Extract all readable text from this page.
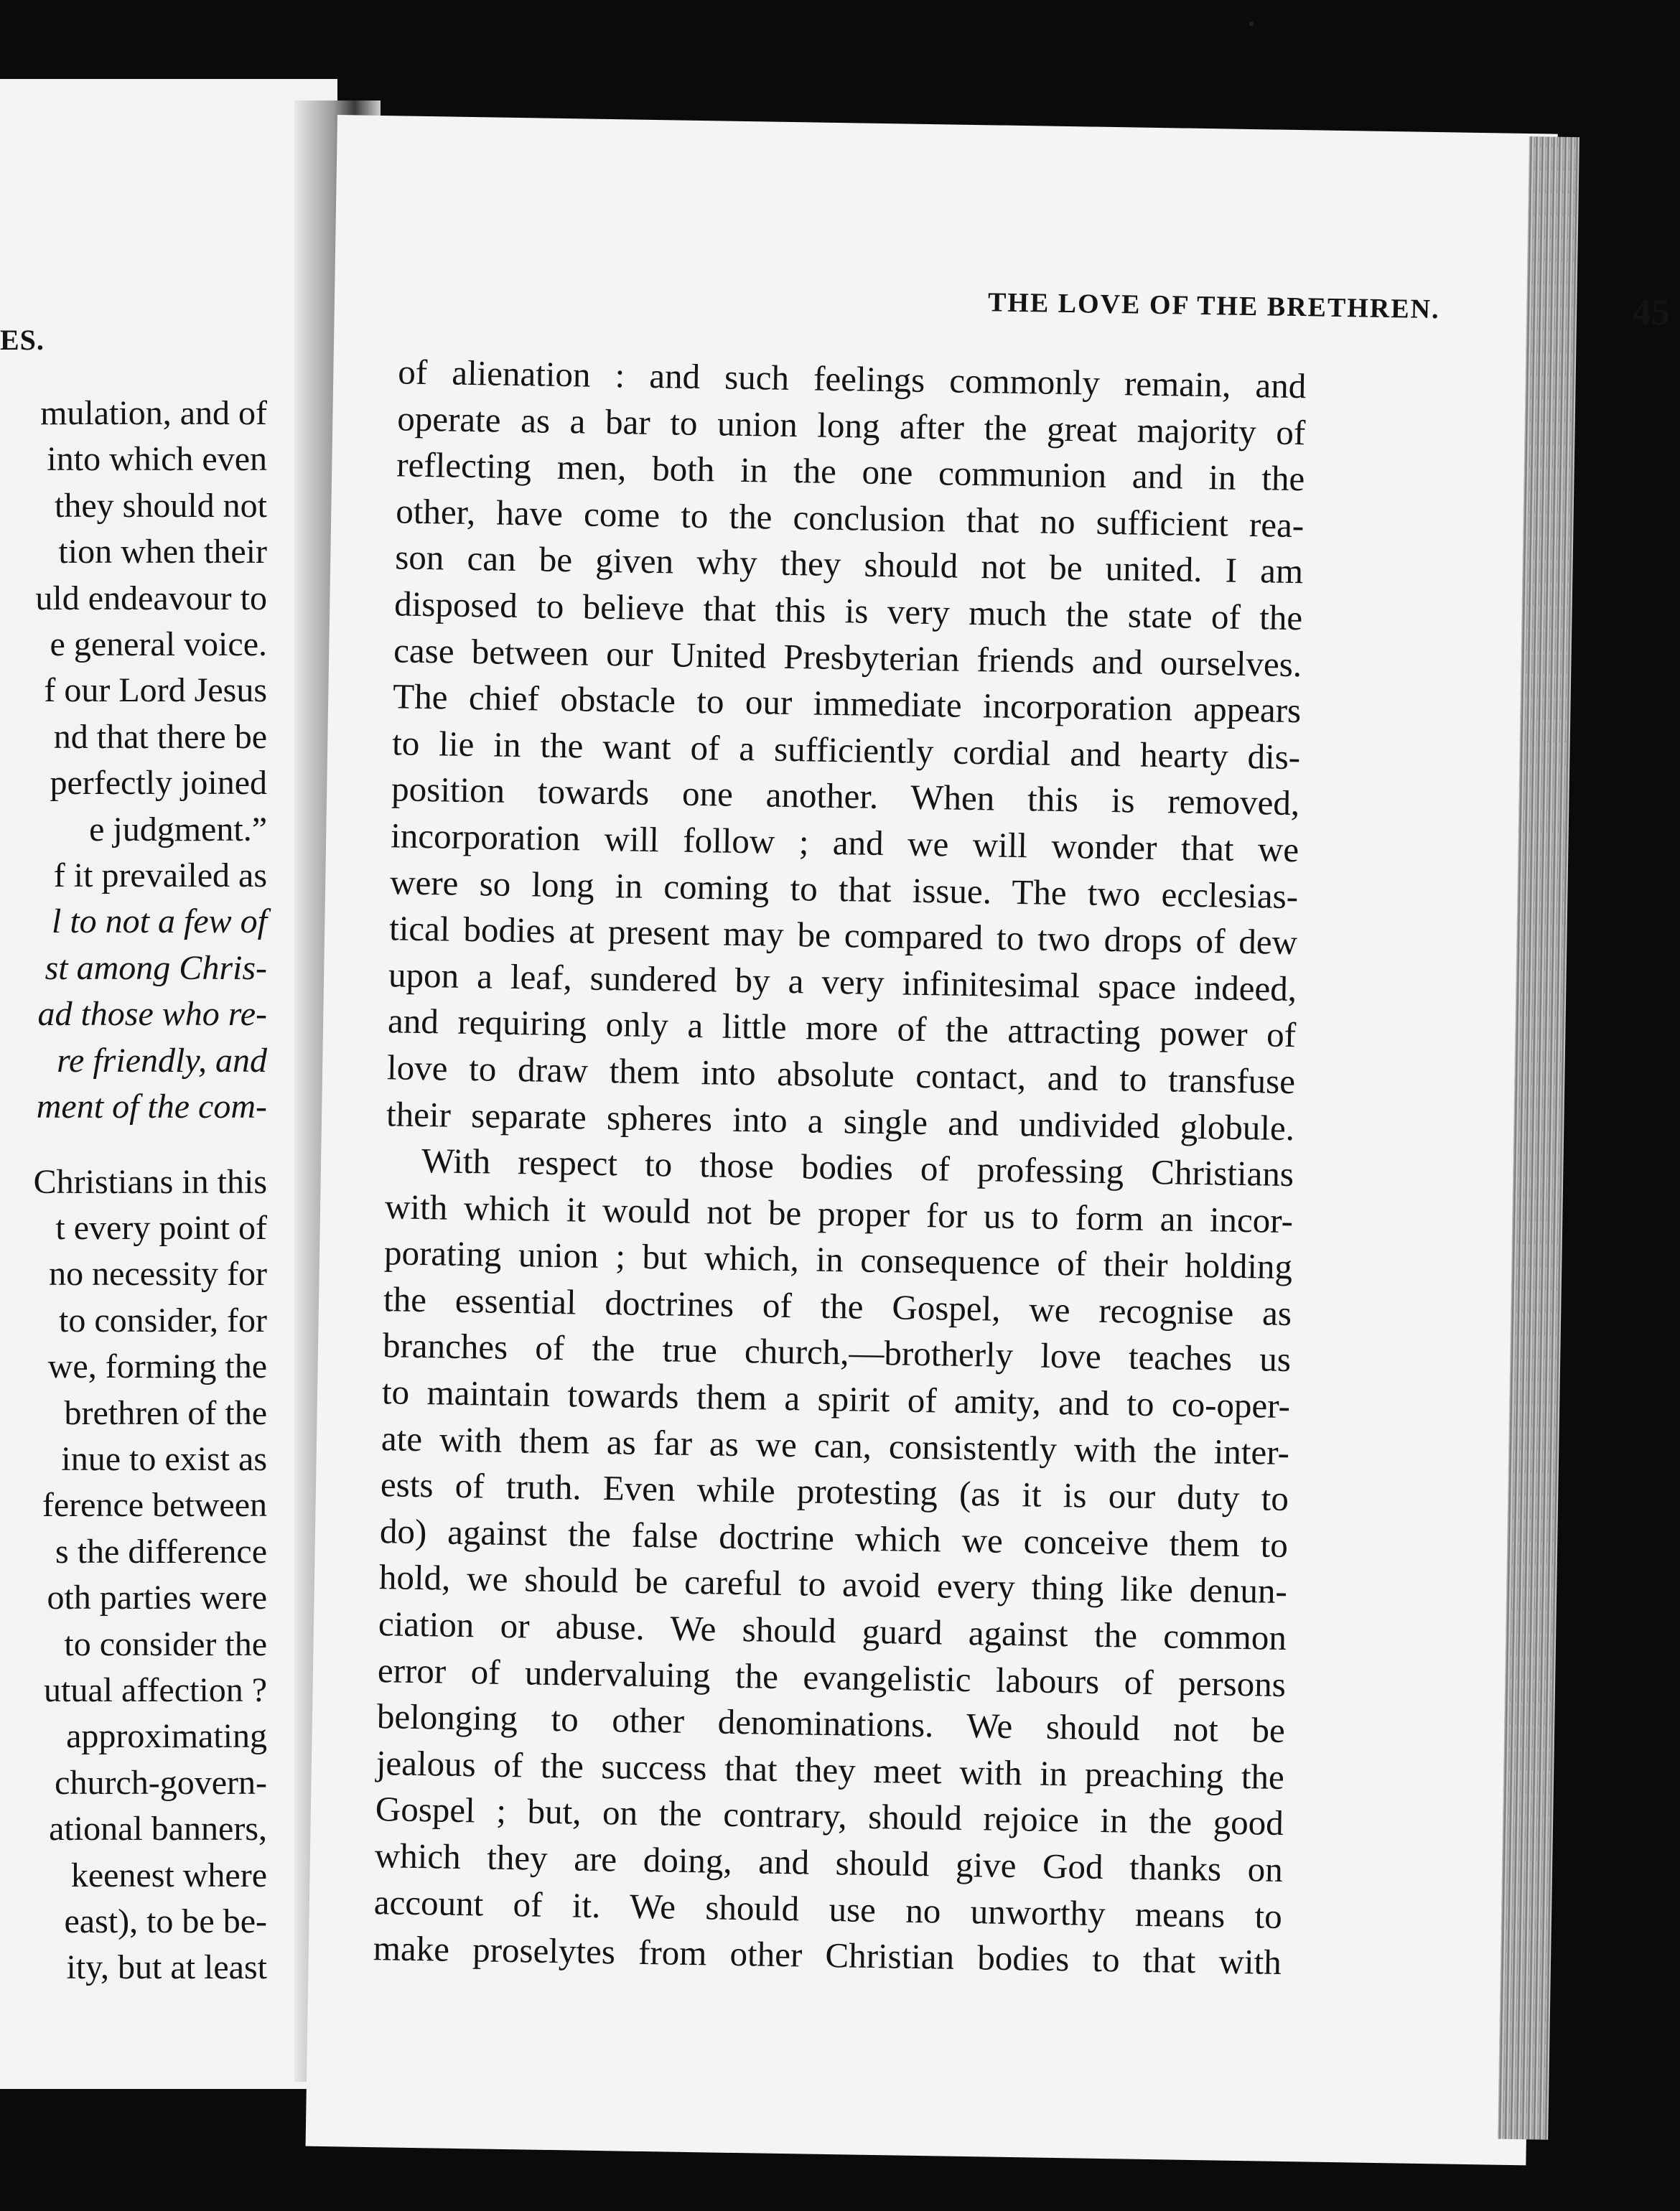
ES.
mulation, and of
into which even
they should not
tion when their
uld endeavour to
e general voice.
f our Lord Jesus
nd that there be
perfectly joined
e judgment.”
f it prevailed as
l to not a few of
st among Chris-
ad those who re-
re friendly, and
ment of the com-
Christians in this
t every point of
no necessity for
to consider, for
we, forming the
brethren of the
inue to exist as
ference between
s the difference
oth parties were
to consider the
utual affection ?
approximating
church-govern-
ational banners,
keenest where
east), to be be-
ity, but at least
THE LOVE OF THE BRETHREN.	45
of alienation : and such feelings commonly remain, and
operate as a bar to union long after the great majority of
reflecting men, both in the one communion and in the
other, have come to the conclusion that no sufficient rea-
son can be given why they should not be united. I am
disposed to believe that this is very much the state of the
case between our United Presbyterian friends and ourselves.
The chief obstacle to our immediate incorporation appears
to lie in the want of a sufficiently cordial and hearty dis-
position towards one another. When this is removed,
incorporation will follow ; and we will wonder that we
were so long in coming to that issue. The two ecclesias-
tical bodies at present may be compared to two drops of dew
upon a leaf, sundered by a very infinitesimal space indeed,
and requiring only a little more of the attracting power of
love to draw them into absolute contact, and to transfuse
their separate spheres into a single and undivided globule.
With respect to those bodies of professing Christians
with which it would not be proper for us to form an incor-
porating union ; but which, in consequence of their holding
the essential doctrines of the Gospel, we recognise as
branches of the true church,—brotherly love teaches us
to maintain towards them a spirit of amity, and to co-oper-
ate with them as far as we can, consistently with the inter-
ests of truth. Even while protesting (as it is our duty to
do) against the false doctrine which we conceive them to
hold, we should be careful to avoid every thing like denun-
ciation or abuse. We should guard against the common
error of undervaluing the evangelistic labours of persons
belonging to other denominations. We should not be
jealous of the success that they meet with in preaching the
Gospel ; but, on the contrary, should rejoice in the good
which they are doing, and should give God thanks on
account of it. We should use no unworthy means to
make proselytes from other Christian bodies to that with
